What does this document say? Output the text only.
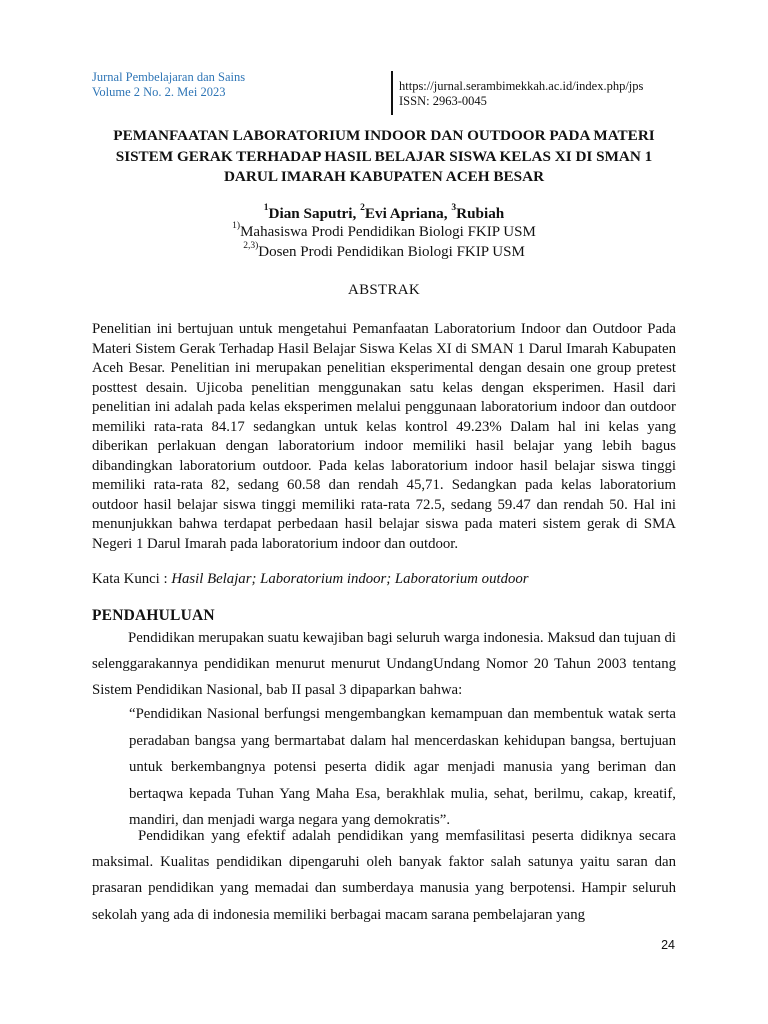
Jurnal Pembelajaran dan Sains
Volume 2 No. 2. Mei 2023	https://jurnal.serambimekkah.ac.id/index.php/jps
ISSN: 2963-0045
PEMANFAATAN LABORATORIUM INDOOR DAN OUTDOOR PADA MATERI
SISTEM GERAK TERHADAP HASIL BELAJAR SISWA KELAS XI DI SMAN 1
DARUL IMARAH KABUPATEN ACEH BESAR
$^1$Dian Saputri, $^2$Evi Apriana, $^3$Rubiah
$^{1)}$Mahasiswa Prodi Pendidikan Biologi FKIP USM
$^{2,3)}$Dosen Prodi Pendidikan Biologi FKIP USM
ABSTRAK
Penelitian ini bertujuan untuk mengetahui Pemanfaatan Laboratorium Indoor dan Outdoor Pada Materi Sistem Gerak Terhadap Hasil Belajar Siswa Kelas XI di SMAN 1 Darul Imarah Kabupaten Aceh Besar. Penelitian ini merupakan penelitian eksperimental dengan desain one group pretest posttest desain. Ujicoba penelitian menggunakan satu kelas dengan eksperimen. Hasil dari penelitian ini adalah pada kelas eksperimen melalui penggunaan laboratorium indoor dan outdoor memiliki rata-rata 84.17 sedangkan untuk kelas kontrol 49.23% Dalam hal ini kelas yang diberikan perlakuan dengan laboratorium indoor memiliki hasil belajar yang lebih bagus dibandingkan laboratorium outdoor. Pada kelas laboratorium indoor hasil belajar siswa tinggi memiliki rata-rata 82, sedang 60.58 dan rendah 45,71. Sedangkan pada kelas laboratorium outdoor hasil belajar siswa tinggi memiliki rata-rata 72.5, sedang 59.47 dan rendah 50. Hal ini menunjukkan bahwa terdapat perbedaan hasil belajar siswa pada materi sistem gerak di SMA Negeri 1 Darul Imarah pada laboratorium indoor dan outdoor.
Kata Kunci : Hasil Belajar; Laboratorium indoor; Laboratorium outdoor
PENDAHULUAN
Pendidikan merupakan suatu kewajiban bagi seluruh warga indonesia. Maksud dan tujuan di selenggarakannya pendidikan menurut menurut UndangUndang Nomor 20 Tahun 2003 tentang Sistem Pendidikan Nasional, bab II pasal 3 dipaparkan bahwa:
“Pendidikan Nasional berfungsi mengembangkan kemampuan dan membentuk watak serta peradaban bangsa yang bermartabat dalam hal mencerdaskan kehidupan bangsa, bertujuan untuk berkembangnya potensi peserta didik agar menjadi manusia yang beriman dan bertaqwa kepada Tuhan Yang Maha Esa, berakhlak mulia, sehat, berilmu, cakap, kreatif, mandiri, dan menjadi warga negara yang demokratis”.
Pendidikan yang efektif adalah pendidikan yang memfasilitasi peserta didiknya secara maksimal. Kualitas pendidikan dipengaruhi oleh banyak faktor salah satunya yaitu saran dan prasaran pendidikan yang memadai dan sumberdaya manusia yang berpotensi. Hampir seluruh sekolah yang ada di indonesia memiliki berbagai macam sarana pembelajaran yang
24
